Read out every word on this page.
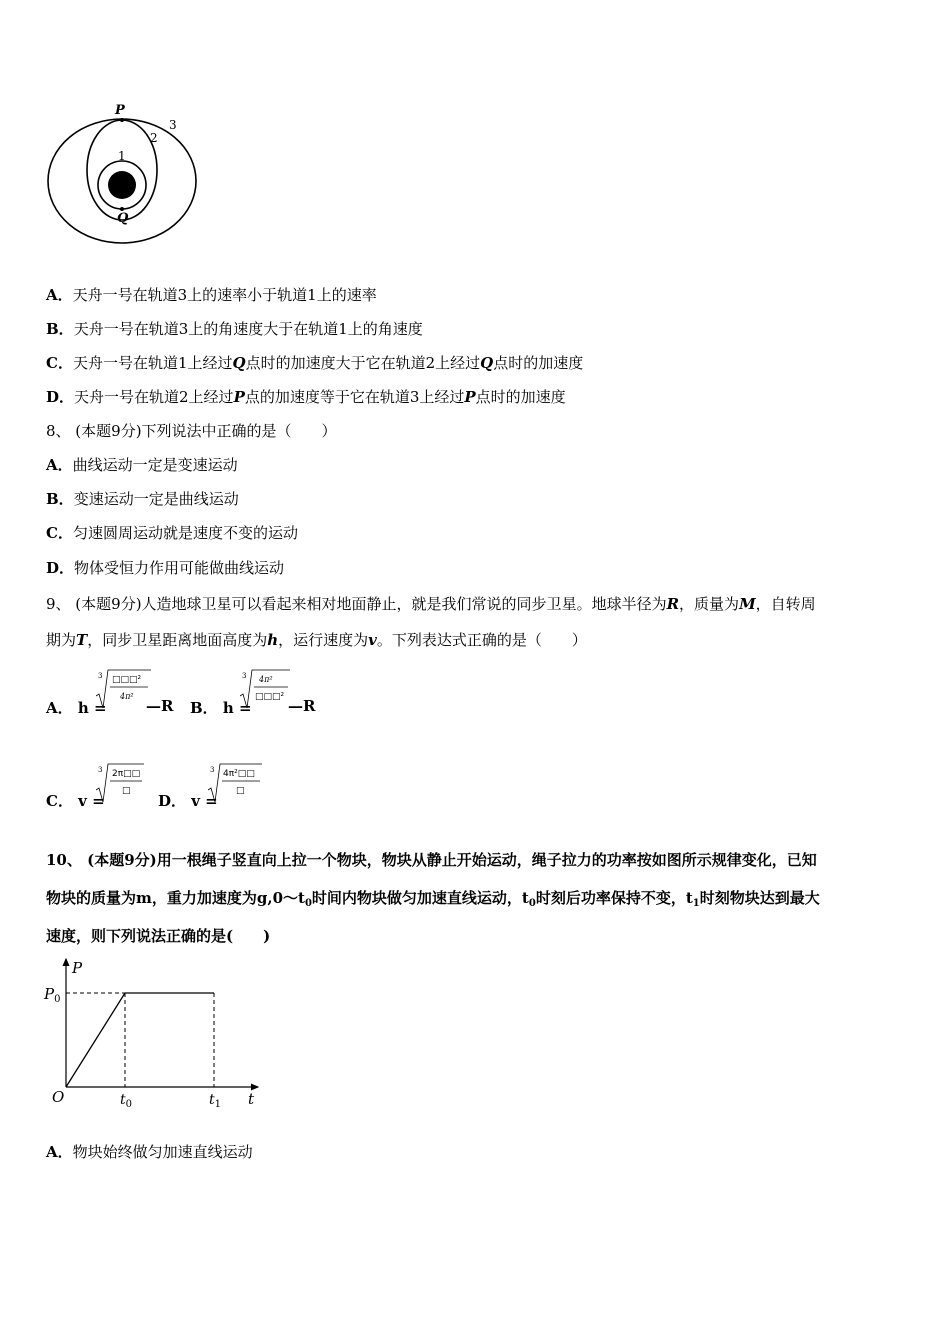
P
Q
1
2
3
A．天舟一号在轨道3上的速率小于轨道1上的速率
B．天舟一号在轨道3上的角速度大于在轨道1上的角速度
C．天舟一号在轨道1上经过Q点时的加速度大于它在轨道2上经过Q点时的加速度
D．天舟一号在轨道2上经过P点的加速度等于它在轨道3上经过P点时的加速度
8、 (本题9分)下列说法中正确的是（　　）
A．曲线运动一定是变速运动
B．变速运动一定是曲线运动
C．匀速圆周运动就是速度不变的运动
D．物体受恒力作用可能做曲线运动
9、 (本题9分)人造地球卫星可以看起来相对地面静止，就是我们常说的同步卫星。地球半径为R，质量为M，自转周
期为T，同步卫星距离地面高度为h，运行速度为v。下列表达式正确的是（　　）
A． h =
3 □□□²
4π²
—R B． h =
3 4π²
□□□² —R
C． v =
3 2π□□
□
D． v =
3 4π²□□
□
10、 (本题9分)用一根绳子竖直向上拉一个物块，物块从静止开始运动，绳子拉力的功率按如图所示规律变化，已知
物块的质量为m，重力加速度为$g,0\sim t_0$时间内物块做匀加速直线运动，$t_0$时刻后功率保持不变，$t_1$时刻物块达到最大
速度，则下列说法正确的是(　　)
P
$P_0$
O	$t_0$	$t_1$ t
A．物块始终做匀加速直线运动
